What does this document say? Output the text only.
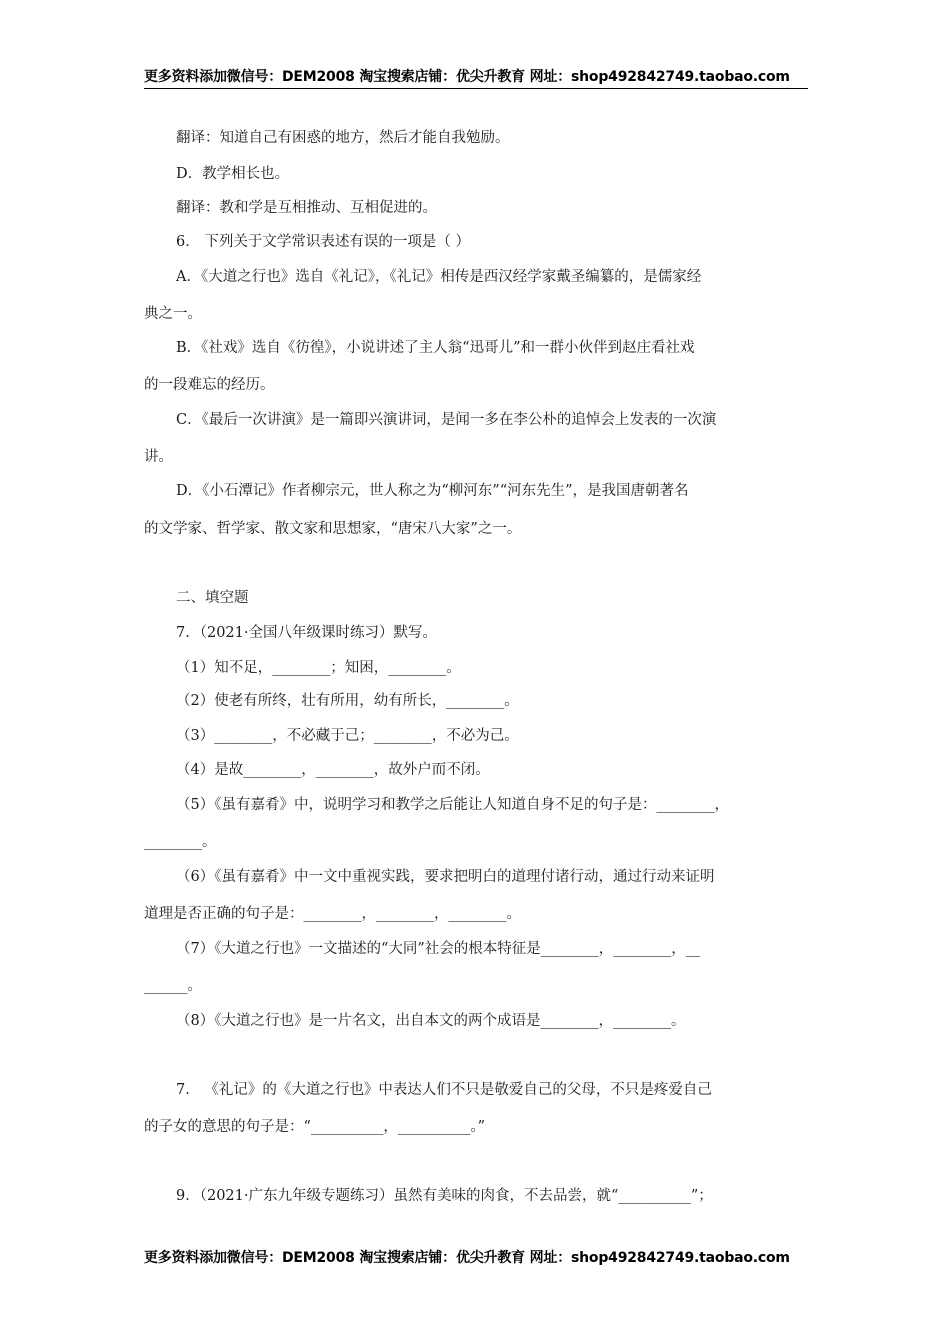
更多资料添加微信号：DEM2008 淘宝搜索店铺：优尖升教育 网址：shop492842749.taobao.com
翻译：知道自己有困惑的地方，然后才能自我勉励。
D．教学相长也。
翻译：教和学是互相推动、互相促进的。
6． 下列关于文学常识表述有误的一项是（ ）
A．《大道之行也》选自《礼记》，《礼记》相传是西汉经学家戴圣编纂的，是儒家经
典之一。
B．《社戏》选自《彷徨》，小说讲述了主人翁“迅哥儿”和一群小伙伴到赵庄看社戏
的一段难忘的经历。
C．《最后一次讲演》是一篇即兴演讲词，是闻一多在李公朴的追悼会上发表的一次演
讲。
D．《小石潭记》作者柳宗元，世人称之为“柳河东”“河东先生”，是我国唐朝著名
的文学家、哲学家、散文家和思想家，“唐宋八大家”之一。
二、填空题
7．（2021·全国八年级课时练习）默写。
（1）知不足，________；知困，________。
（2）使老有所终，壮有所用，幼有所长，________。
（3）________，不必藏于己；________，不必为己。
（4）是故________，________，故外户而不闭。
（5）《虽有嘉肴》中，说明学习和教学之后能让人知道自身不足的句子是：________，
________。
（6）《虽有嘉肴》中一文中重视实践，要求把明白的道理付诸行动，通过行动来证明
道理是否正确的句子是：________，________，________。
（7）《大道之行也》一文描述的“大同”社会的根本特征是________，________，__
______。
（8）《大道之行也》是一片名文，出自本文的两个成语是________，________。
7． 《礼记》的《大道之行也》中表达人们不只是敬爱自己的父母，不只是疼爱自己
的子女的意思的句子是：“__________，__________。”
9．（2021·广东九年级专题练习）虽然有美味的肉食，不去品尝，就“__________”；
更多资料添加微信号：DEM2008 淘宝搜索店铺：优尖升教育 网址：shop492842749.taobao.com
